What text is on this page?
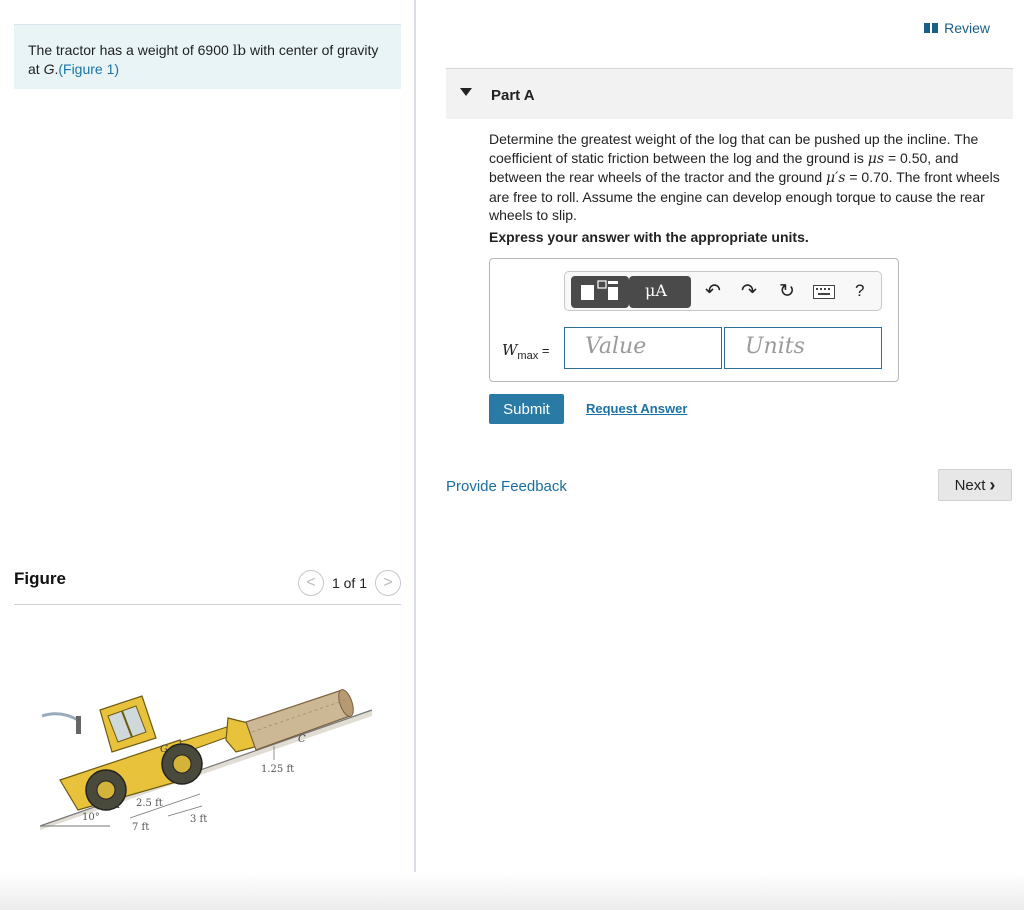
The tractor has a weight of 6900 lb with center of gravity at G.(Figure 1)
Figure	< 1 of 1 >
10°
A
B
C
G
2.5 ft
7 ft
3 ft
1.25 ft
Review
Part A
Determine the greatest weight of the log that can be pushed up the incline. The coefficient of static friction between the log and the ground is μs = 0.50, and between the rear wheels of the tractor and the ground μ′s = 0.70. The front wheels are free to roll. Assume the engine can develop enough torque to cause the rear wheels to slip.
Express your answer with the appropriate units.
μA ↶ ↷ ↻	?
$W_{max}$ =	Value	Units
Submit	Request Answer
Provide Feedback	Next ›
